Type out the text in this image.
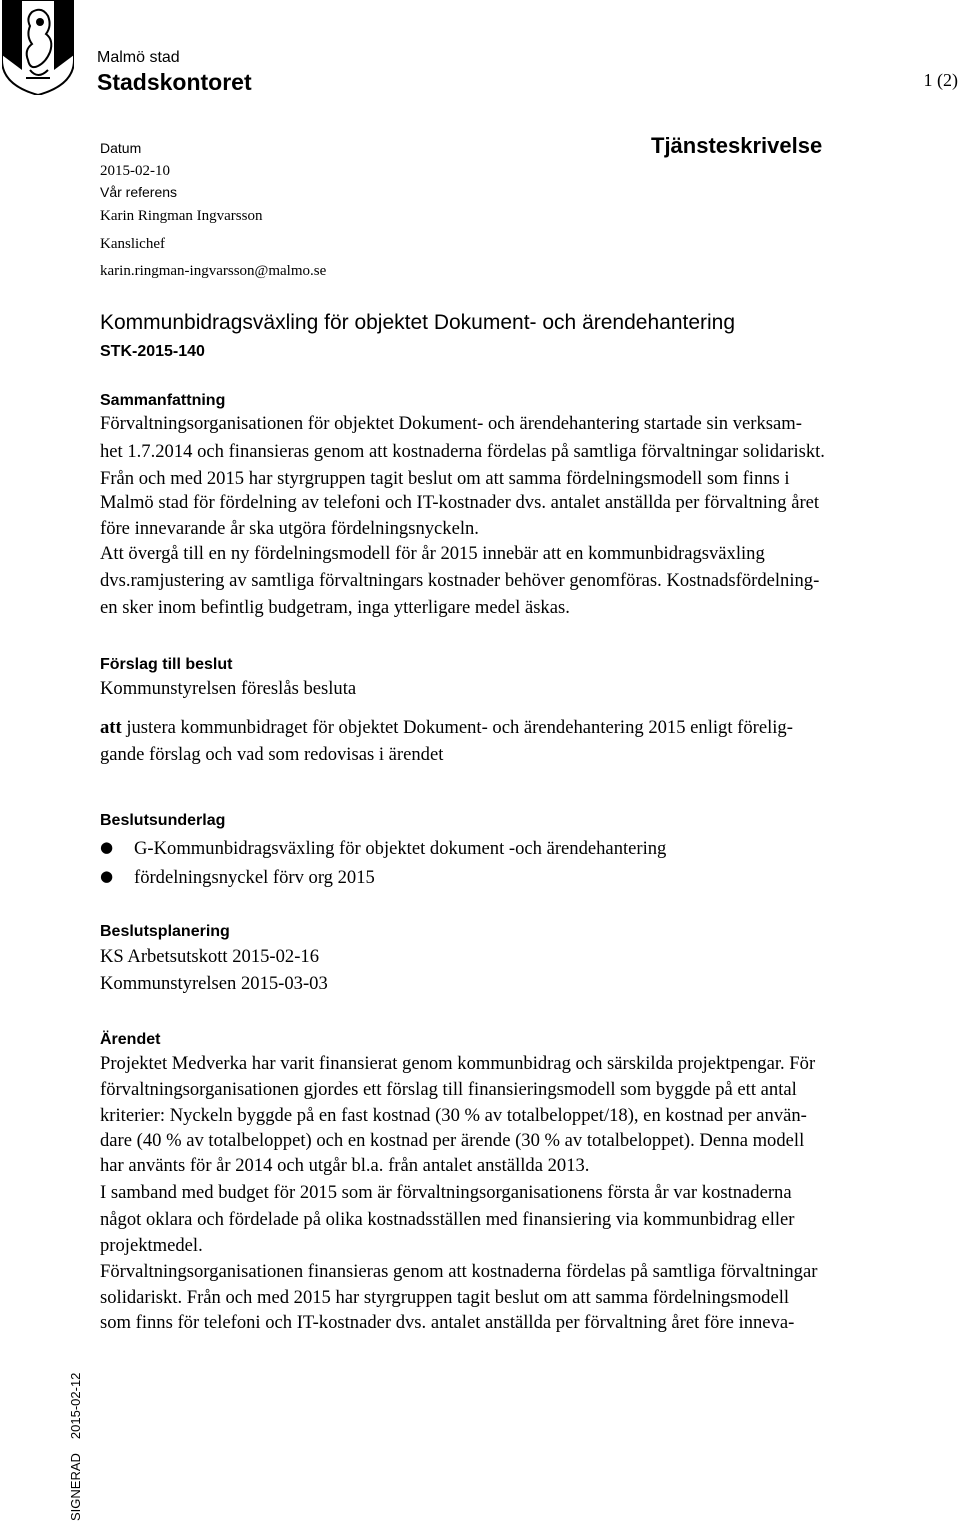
Malmö stad
Stadskontoret	1 (2)
Datum
2015-02-10
Vår referens
Karin Ringman Ingvarsson
Kanslichef
karin.ringman-ingvarsson@malmo.se
Tjänsteskrivelse
Kommunbidragsväxling för objektet Dokument- och ärendehantering
STK-2015-140
Sammanfattning
Förvaltningsorganisationen för objektet Dokument- och ärendehantering startade sin verksam-
het 1.7.2014 och finansieras genom att kostnaderna fördelas på samtliga förvaltningar solidariskt.
Från och med 2015 har styrgruppen tagit beslut om att samma fördelningsmodell som finns i
Malmö stad för fördelning av telefoni och IT-kostnader dvs. antalet anställda per förvaltning året
före innevarande år ska utgöra fördelningsnyckeln.
Att övergå till en ny fördelningsmodell för år 2015 innebär att en kommunbidragsväxling
dvs.ramjustering av samtliga förvaltningars kostnader behöver genomföras. Kostnadsfördelning-
en sker inom befintlig budgetram, inga ytterligare medel äskas.
Förslag till beslut
Kommunstyrelsen föreslås besluta
att justera kommunbidraget för objektet Dokument- och ärendehantering 2015 enligt förelig-
gande förslag och vad som redovisas i ärendet
Beslutsunderlag
● G-Kommunbidragsväxling för objektet dokument -och ärendehantering
● fördelningsnyckel förv org 2015
Beslutsplanering
KS Arbetsutskott 2015-02-16
Kommunstyrelsen 2015-03-03
Ärendet
Projektet Medverka har varit finansierat genom kommunbidrag och särskilda projektpengar. För
förvaltningsorganisationen gjordes ett förslag till finansieringsmodell som byggde på ett antal
kriterier: Nyckeln byggde på en fast kostnad (30 % av totalbeloppet/18), en kostnad per använ-
dare (40 % av totalbeloppet) och en kostnad per ärende (30 % av totalbeloppet). Denna modell
har använts för år 2014 och utgår bl.a. från antalet anställda 2013.
I samband med budget för 2015 som är förvaltningsorganisationens första år var kostnaderna
något oklara och fördelade på olika kostnadsställen med finansiering via kommunbidrag eller
projektmedel.
Förvaltningsorganisationen finansieras genom att kostnaderna fördelas på samtliga förvaltningar
solidariskt. Från och med 2015 har styrgruppen tagit beslut om att samma fördelningsmodell
som finns för telefoni och IT-kostnader dvs. antalet anställda per förvaltning året före inneva-
SIGNERAD2015-02-12
